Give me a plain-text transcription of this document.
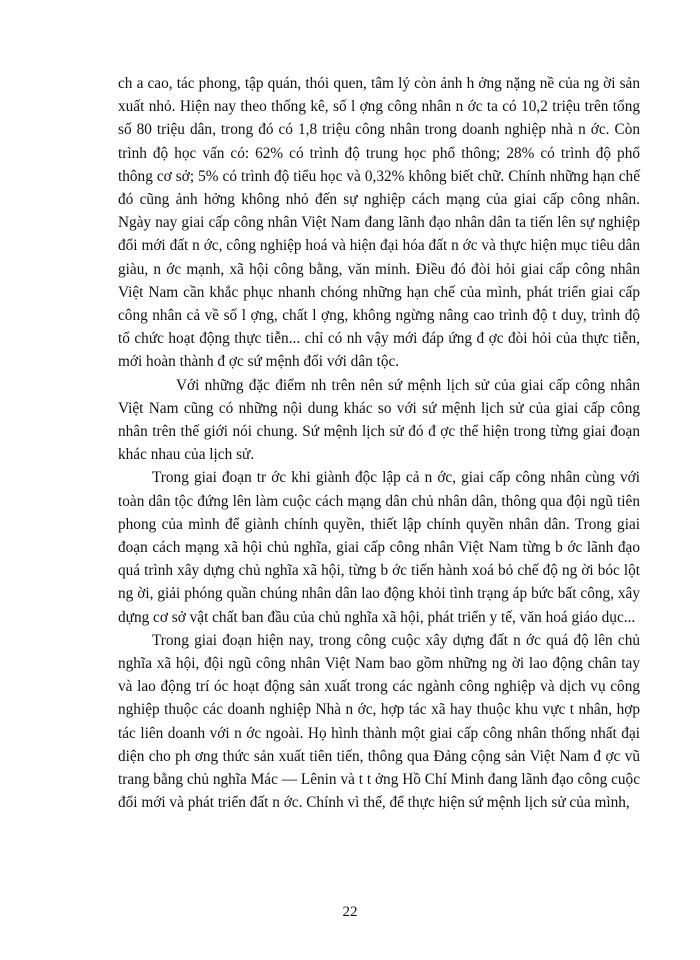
ch a cao, tác phong, tập quán, thói quen, tâm lý còn ảnh h ởng nặng nề của ng ời sản xuất nhỏ. Hiện nay theo thống kê, số l ợng công nhân n ớc ta có 10,2 triệu trên tổng số 80 triệu dân, trong đó có 1,8 triệu công nhân trong doanh nghiệp nhà n ớc. Còn trình độ học vấn có: 62% có trình độ trung học phổ thông; 28% có trình độ phổ thông cơ sở; 5% có trình độ tiểu học và 0,32% không biết chữ. Chính những hạn chế đó cũng ảnh hởng không nhỏ đến sự nghiệp cách mạng của giai cấp công nhân. Ngày nay giai cấp công nhân Việt Nam đang lãnh đạo nhân dân ta tiến lên sự nghiệp đổi mới đất n ớc, công nghiệp hoá và hiện đại hóa đất n ớc và thực hiện mục tiêu dân giàu, n ớc mạnh, xã hội công bằng, văn minh. Điều đó đòi hỏi giai cấp công nhân Việt Nam cần khắc phục nhanh chóng những hạn chế của mình, phát triển giai cấp công nhân cả về số l ợng, chất l ợng, không ngừng nâng cao trình độ t duy, trình độ tổ chức hoạt động thực tiễn... chỉ có nh vậy mới đáp ứng đ ợc đòi hỏi của thực tiễn, mới hoàn thành đ ợc sứ mệnh đối với dân tộc.

Với những đặc điểm nh trên nên sứ mệnh lịch sử của giai cấp công nhân Việt Nam cũng có những nội dung khác so với sứ mệnh lịch sử của giai cấp công nhân trên thế giới nói chung. Sứ mệnh lịch sử đó đ ợc thể hiện trong từng giai đoạn khác nhau của lịch sử.

Trong giai đoạn tr ớc khi giành độc lập cả n ớc, giai cấp công nhân cùng với toàn dân tộc đứng lên làm cuộc cách mạng dân chủ nhân dân, thông qua đội ngũ tiên phong của mình để giành chính quyền, thiết lập chính quyền nhân dân. Trong giai đoạn cách mạng xã hội chủ nghĩa, giai cấp công nhân Việt Nam từng b ớc lãnh đạo quá trình xây dựng chủ nghĩa xã hội, từng b ớc tiến hành xoá bỏ chế độ ng ời bóc lột ng ời, giải phóng quần chúng nhân dân lao động khỏi tình trạng áp bức bất công, xây dựng cơ sở vật chất ban đầu của chủ nghĩa xã hội, phát triển y tế, văn hoá giáo dục...

Trong giai đoạn hiện nay, trong công cuộc xây dựng đất n ớc quá độ lên chủ nghĩa xã hội, đội ngũ công nhân Việt Nam bao gồm những ng ời lao động chân tay và lao động trí óc hoạt động sản xuất trong các ngành công nghiệp và dịch vụ công nghiệp thuộc các doanh nghiệp Nhà n ớc, hợp tác xã hay thuộc khu vực t nhân, hợp tác liên doanh với n ớc ngoài. Họ hình thành một giai cấp công nhân thống nhất đại diện cho ph ơng thức sản xuất tiên tiến, thông qua Đảng cộng sản Việt Nam đ ợc vũ trang bằng chủ nghĩa Mác — Lênin và t t ởng Hồ Chí Minh đang lãnh đạo công cuộc đổi mới và phát triển đất n ớc. Chính vì thế, để thực hiện sứ mệnh lịch sử của mình,

22
